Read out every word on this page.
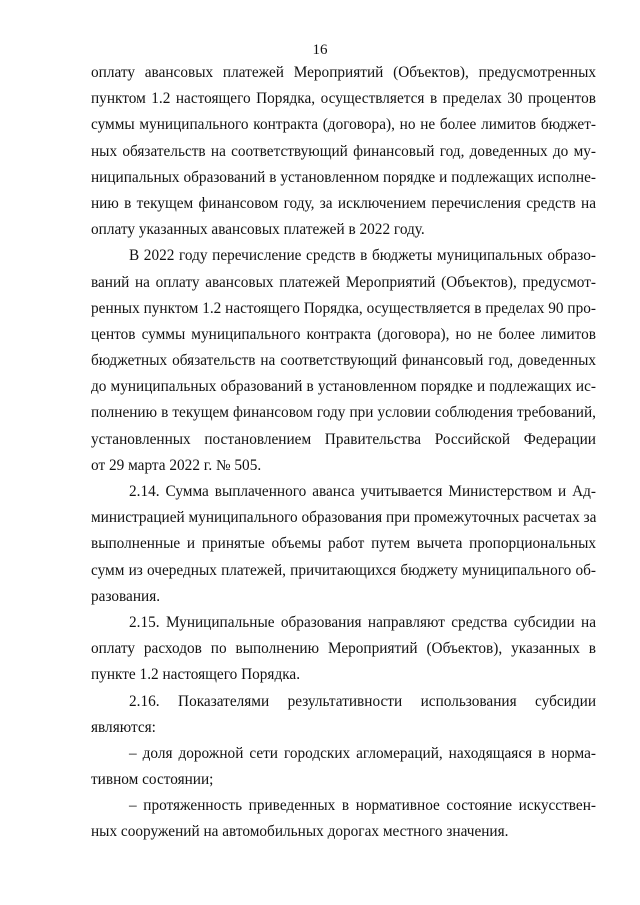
16
оплату авансовых платежей Мероприятий (Объектов), предусмотренных
пунктом 1.2 настоящего Порядка, осуществляется в пределах 30 процентов
суммы муниципального контракта (договора), но не более лимитов бюджет-
ных обязательств на соответствующий финансовый год, доведенных до му-
ниципальных образований в установленном порядке и подлежащих исполне-
нию в текущем финансовом году, за исключением перечисления средств на
оплату указанных авансовых платежей в 2022 году.
В 2022 году перечисление средств в бюджеты муниципальных образо-
ваний на оплату авансовых платежей Мероприятий (Объектов), предусмот-
ренных пунктом 1.2 настоящего Порядка, осуществляется в пределах 90 про-
центов суммы муниципального контракта (договора), но не более лимитов
бюджетных обязательств на соответствующий финансовый год, доведенных
до муниципальных образований в установленном порядке и подлежащих ис-
полнению в текущем финансовом году при условии соблюдения требований,
установленных постановлением Правительства Российской Федерации
от 29 марта 2022 г. № 505.
2.14. Сумма выплаченного аванса учитывается Министерством и Ад-
министрацией муниципального образования при промежуточных расчетах за
выполненные и принятые объемы работ путем вычета пропорциональных
сумм из очередных платежей, причитающихся бюджету муниципального об-
разования.
2.15. Муниципальные образования направляют средства субсидии на
оплату расходов по выполнению Мероприятий (Объектов), указанных в
пункте 1.2 настоящего Порядка.
2.16. Показателями результативности использования субсидии
являются:
– доля дорожной сети городских агломераций, находящаяся в норма-
тивном состоянии;
– протяженность приведенных в нормативное состояние искусствен-
ных сооружений на автомобильных дорогах местного значения.
